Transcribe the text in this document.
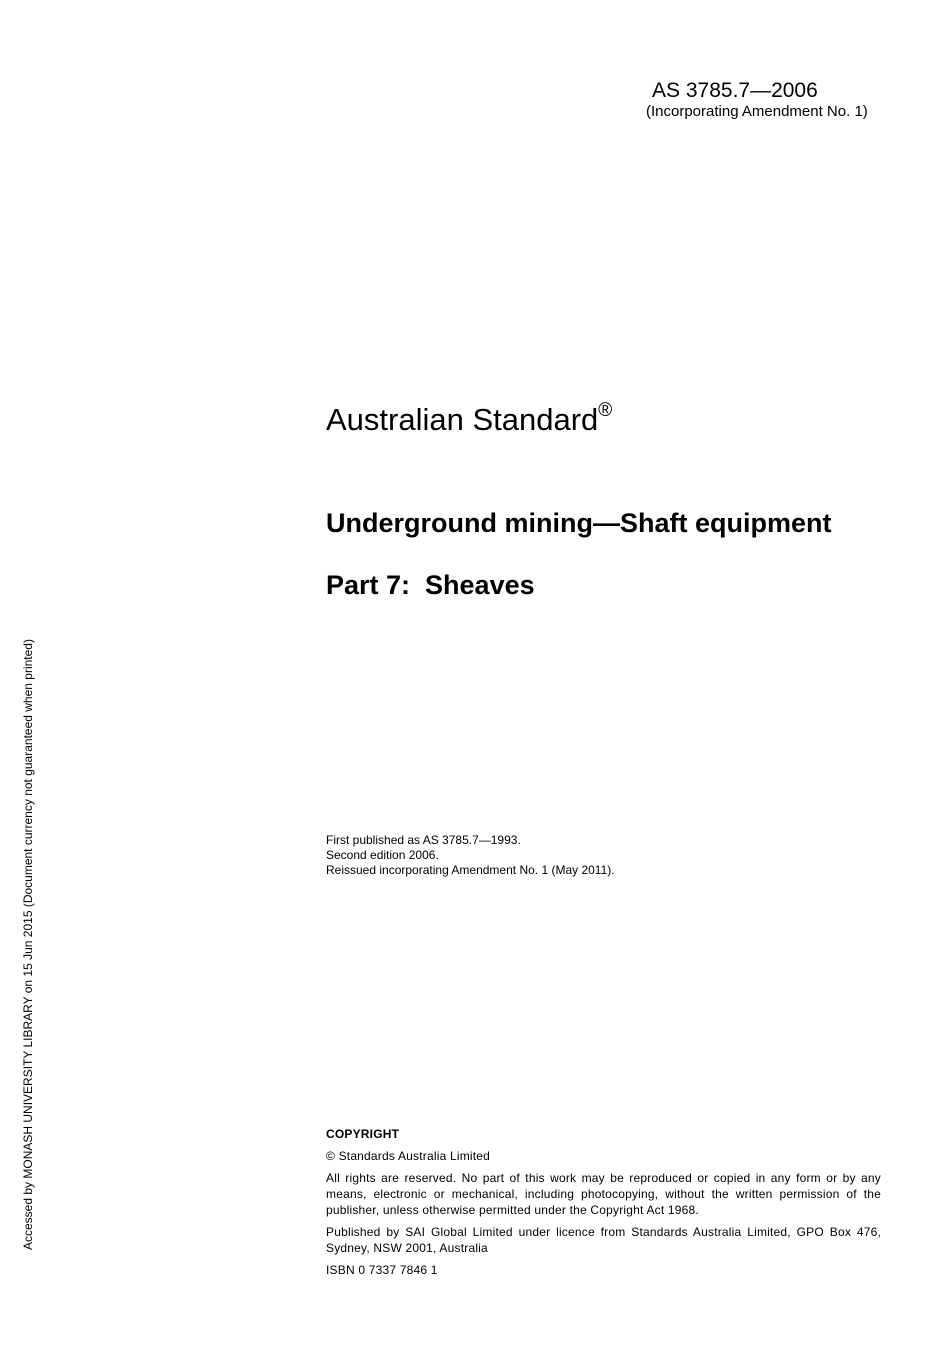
AS 3785.7—2006
(Incorporating Amendment No. 1)
Australian Standard®
Underground mining—Shaft equipment
Part 7:  Sheaves
First published as AS 3785.7—1993.
Second edition 2006.
Reissued incorporating Amendment No. 1 (May 2011).
COPYRIGHT
© Standards Australia Limited
All rights are reserved. No part of this work may be reproduced or copied in any form or by any means, electronic or mechanical, including photocopying, without the written permission of the publisher, unless otherwise permitted under the Copyright Act 1968.
Published by SAI Global Limited under licence from Standards Australia Limited, GPO Box 476, Sydney, NSW 2001, Australia
ISBN 0 7337 7846 1
Accessed by MONASH UNIVERSITY LIBRARY on 15 Jun 2015 (Document currency not guaranteed when printed)
